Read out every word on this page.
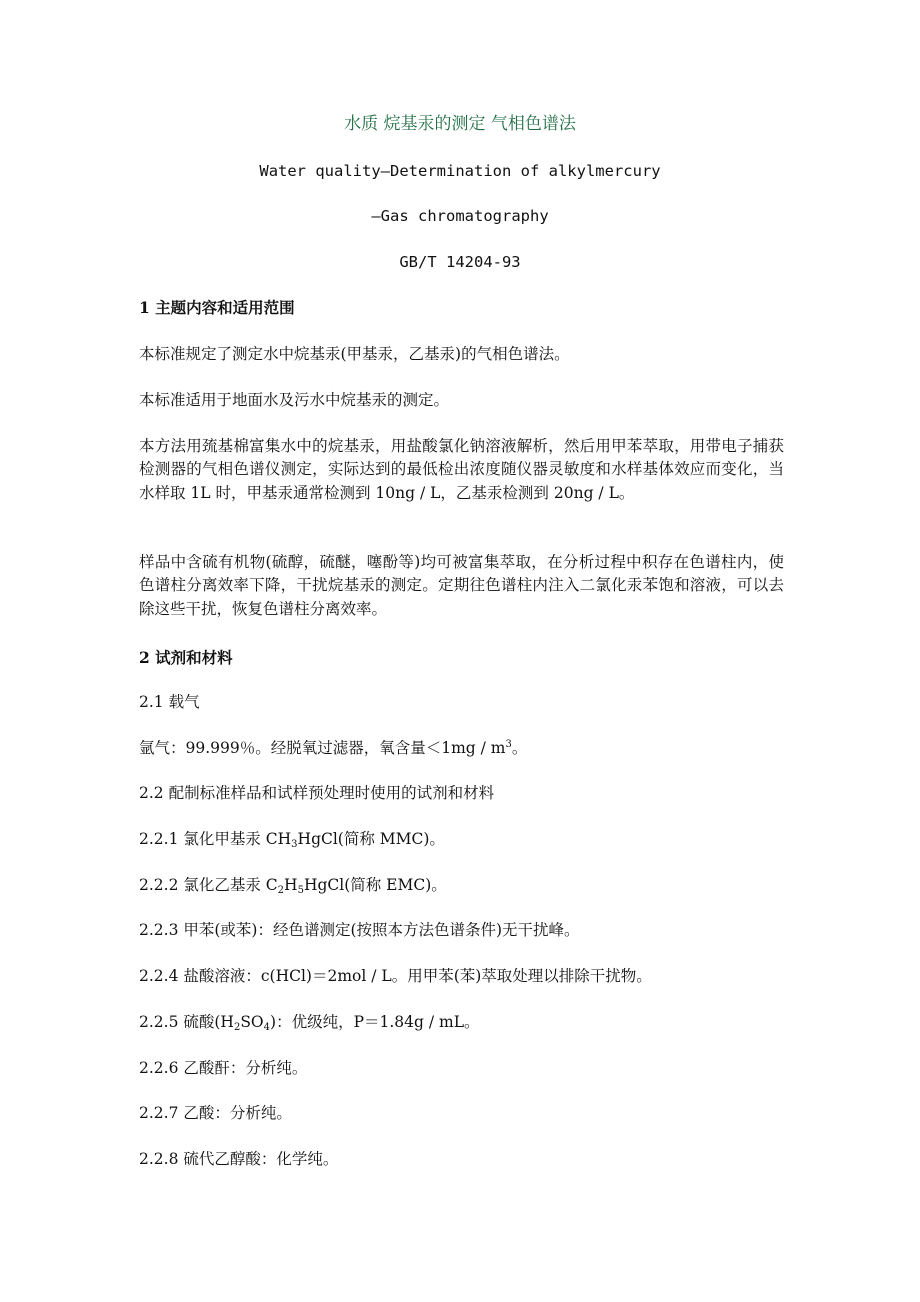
水质 烷基汞的测定 气相色谱法
Water quality—Determination of alkylmercury
—Gas chromatography
GB/T 14204-93
1 主题内容和适用范围
本标准规定了测定水中烷基汞(甲基汞，乙基汞)的气相色谱法。
本标准适用于地面水及污水中烷基汞的测定。
本方法用巯基棉富集水中的烷基汞，用盐酸氯化钠溶液解析，然后用甲苯萃取，用带电子捕获检测器的气相色谱仪测定，实际达到的最低检出浓度随仪器灵敏度和水样基体效应而变化，当水样取 1L 时，甲基汞通常检测到 10ng / L，乙基汞检测到 20ng / L。
样品中含硫有机物(硫醇，硫醚，噻酚等)均可被富集萃取，在分析过程中积存在色谱柱内，使色谱柱分离效率下降，干扰烷基汞的测定。定期往色谱柱内注入二氯化汞苯饱和溶液，可以去除这些干扰，恢复色谱柱分离效率。
2 试剂和材料
2.1 载气
氩气：99.999％。经脱氧过滤器，氧含量$<1mg / m^3$。
2.2 配制标准样品和试样预处理时使用的试剂和材料
2.2.1 氯化甲基汞 $CH_3HgCl$(简称 MMC)。
2.2.2 氯化乙基汞 $C_2H_5HgCl$(简称 EMC)。
2.2.3 甲苯(或苯)：经色谱测定(按照本方法色谱条件)无干扰峰。
2.2.4 盐酸溶液：c(HCl)＝2mol / L。用甲苯(苯)萃取处理以排除干扰物。
2.2.5 硫酸$(H_2SO_4)$：优级纯，P＝1.84g / mL。
2.2.6 乙酸酐：分析纯。
2.2.7 乙酸：分析纯。
2.2.8 硫代乙醇酸：化学纯。
